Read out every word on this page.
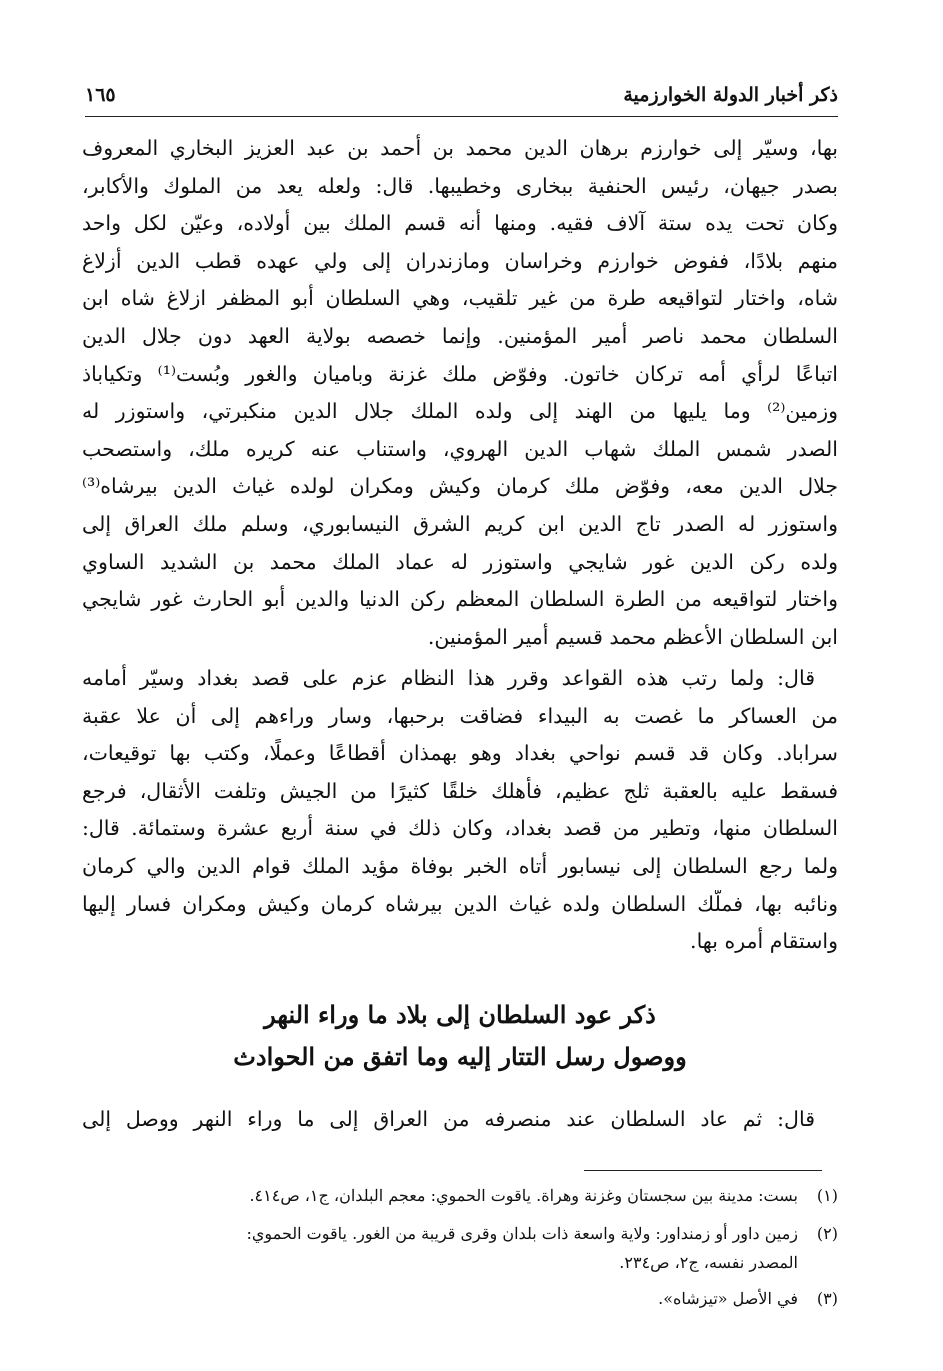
ذكر أخبار الدولة الخوارزمية
١٦٥
بها، وسيّر إلى خوارزم برهان الدين محمد بن أحمد بن عبد العزيز البخاري المعروف
بصدر جيهان، رئيس الحنفية ببخارى وخطيبها. قال: ولعله يعد من الملوك والأكابر،
وكان تحت يده ستة آلاف فقيه. ومنها أنه قسم الملك بين أولاده، وعيّن لكل واحد
منهم بلادًا، ففوض خوارزم وخراسان ومازندران إلى ولي عهده قطب الدين أزلاغ
شاه، واختار لتواقيعه طرة من غير تلقيب، وهي السلطان أبو المظفر ازلاغ شاه ابن
السلطان محمد ناصر أمير المؤمنين. وإنما خصصه بولاية العهد دون جلال الدين
اتباعًا لرأي أمه تركان خاتون. وفوّض ملك غزنة وباميان والغور وبُست⁽¹⁾ وتكياباذ
وزمين⁽²⁾ وما يليها من الهند إلى ولده الملك جلال الدين منكبرتي، واستوزر له
الصدر شمس الملك شهاب الدين الهروي، واستناب عنه كريره ملك، واستصحب
جلال الدين معه، وفوّض ملك كرمان وكيش ومكران لولده غياث الدين بيرشاه⁽³⁾
واستوزر له الصدر تاج الدين ابن كريم الشرق النيسابوري، وسلم ملك العراق إلى
ولده ركن الدين غور شايجي واستوزر له عماد الملك محمد بن الشديد الساوي
واختار لتواقيعه من الطرة السلطان المعظم ركن الدنيا والدين أبو الحارث غور شايجي
ابن السلطان الأعظم محمد قسيم أمير المؤمنين.
قال: ولما رتب هذه القواعد وقرر هذا النظام عزم على قصد بغداد وسيّر أمامه
من العساكر ما غصت به البيداء فضاقت برحبها، وسار وراءهم إلى أن علا عقبة
سراباد. وكان قد قسم نواحي بغداد وهو بهمذان أقطاعًا وعملًا، وكتب بها توقيعات،
فسقط عليه بالعقبة ثلج عظيم، فأهلك خلقًا كثيرًا من الجيش وتلفت الأثقال، فرجع
السلطان منها، وتطير من قصد بغداد، وكان ذلك في سنة أربع عشرة وستمائة. قال:
ولما رجع السلطان إلى نيسابور أتاه الخبر بوفاة مؤيد الملك قوام الدين والي كرمان
ونائبه بها، فملّك السلطان ولده غياث الدين بيرشاه كرمان وكيش ومكران فسار إليها
واستقام أمره بها.
قال: ثم عاد السلطان عند منصرفه من العراق إلى ما وراء النهر ووصل إلى
ذكر عود السلطان إلى بلاد ما وراء النهر
ووصول رسل التتار إليه وما اتفق من الحوادث
(١)بست: مدينة بين سجستان وغزنة وهراة. ياقوت الحموي: معجم البلدان، ج١، ص٤١٤.
(٢)زمين داور أو زمنداور: ولاية واسعة ذات بلدان وقرى قريبة من الغور. ياقوت الحموي:
المصدر نفسه، ج٢، ص٢٣٤.
(٣)في الأصل «تيزشاه».
